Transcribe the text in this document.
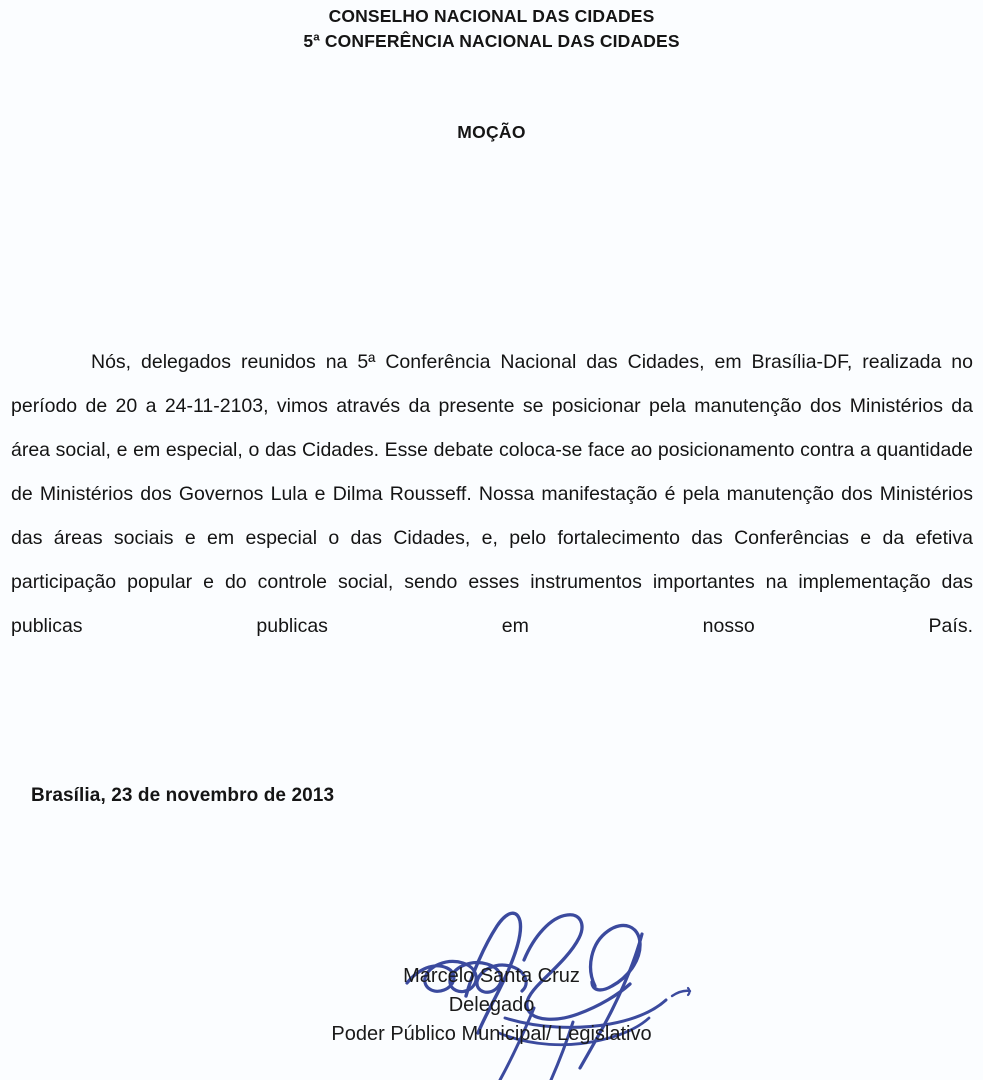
CONSELHO NACIONAL DAS CIDADES
5ª CONFERÊNCIA NACIONAL DAS CIDADES
MOÇÃO
Nós, delegados reunidos na 5ª Conferência Nacional das Cidades, em Brasília-DF, realizada no período de 20 a 24-11-2103, vimos através da presente se posicionar pela manutenção dos Ministérios da área social, e em especial, o das Cidades. Esse debate coloca-se face ao posicionamento contra a quantidade de Ministérios dos Governos Lula e Dilma Rousseff. Nossa manifestação é pela manutenção dos Ministérios das áreas sociais e em especial o das Cidades, e, pelo fortalecimento das Conferências e da efetiva participação popular e do controle social, sendo esses instrumentos importantes na implementação das publicas publicas em nosso País.
Brasília, 23 de novembro de 2013
Marcelo Santa Cruz
Delegado
Poder Público Municipal/ Legislativo
